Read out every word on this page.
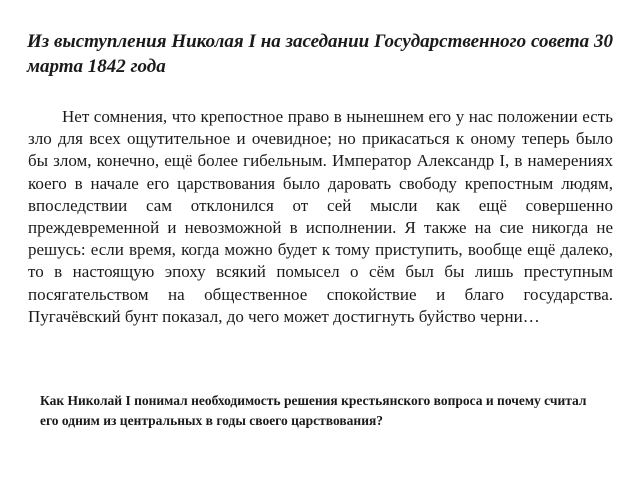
Из выступления Николая I на заседании Государственного совета 30 марта 1842 года

Нет сомнения, что крепостное право в нынешнем его у нас положении есть зло для всех ощутительное и очевидное; но прикасаться к оному теперь было бы злом, конечно, ещё более гибельным. Император Александр I, в намерениях коего в начале его царствования было даровать свободу крепостным людям, впоследствии сам отклонился от сей мысли как ещё совершенно преждевременной и невозможной в исполнении. Я также на сие никогда не решусь: если время, когда можно будет к тому приступить, вообще ещё далеко, то в настоящую эпоху всякий помысел о сём был бы лишь преступным посягательством на общественное спокойствие и благо государства. Пугачёвский бунт показал, до чего может достигнуть буйство черни…

Как Николай I понимал необходимость решения крестьянского вопроса и почему считал его одним из центральных в годы своего царствования?
